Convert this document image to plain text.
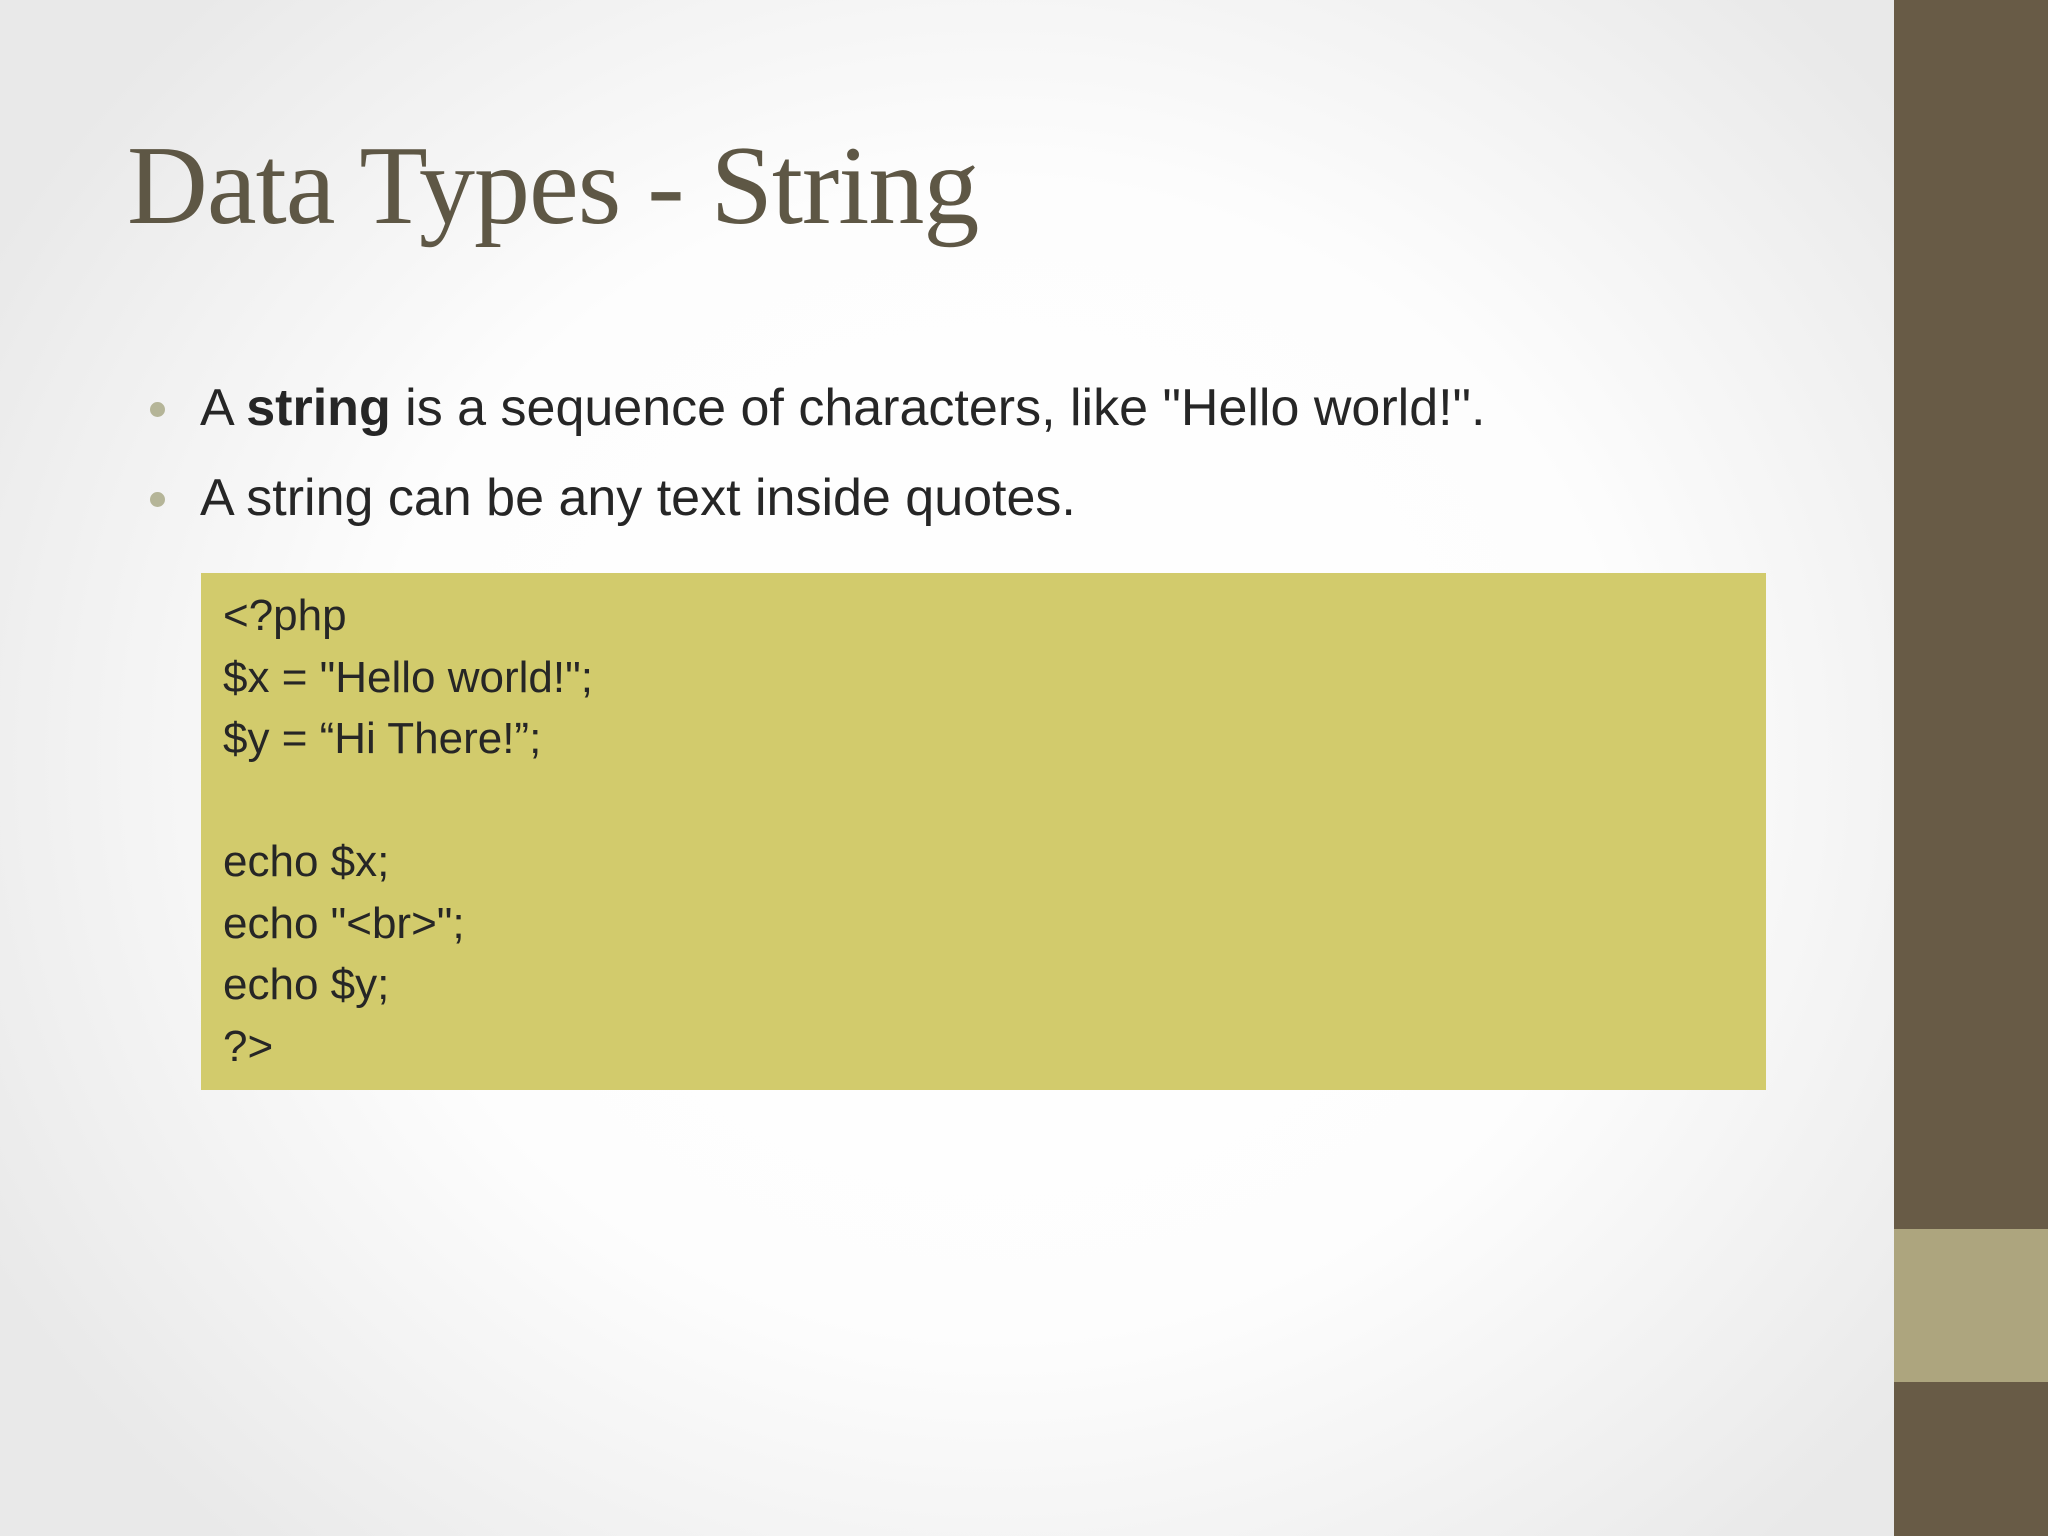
Data Types - String
A string is a sequence of characters, like "Hello world!".
A string can be any text inside quotes.
<?php
$x = "Hello world!";
$y = “Hi There!”;
echo $x;
echo "<br>";
echo $y;
?>
